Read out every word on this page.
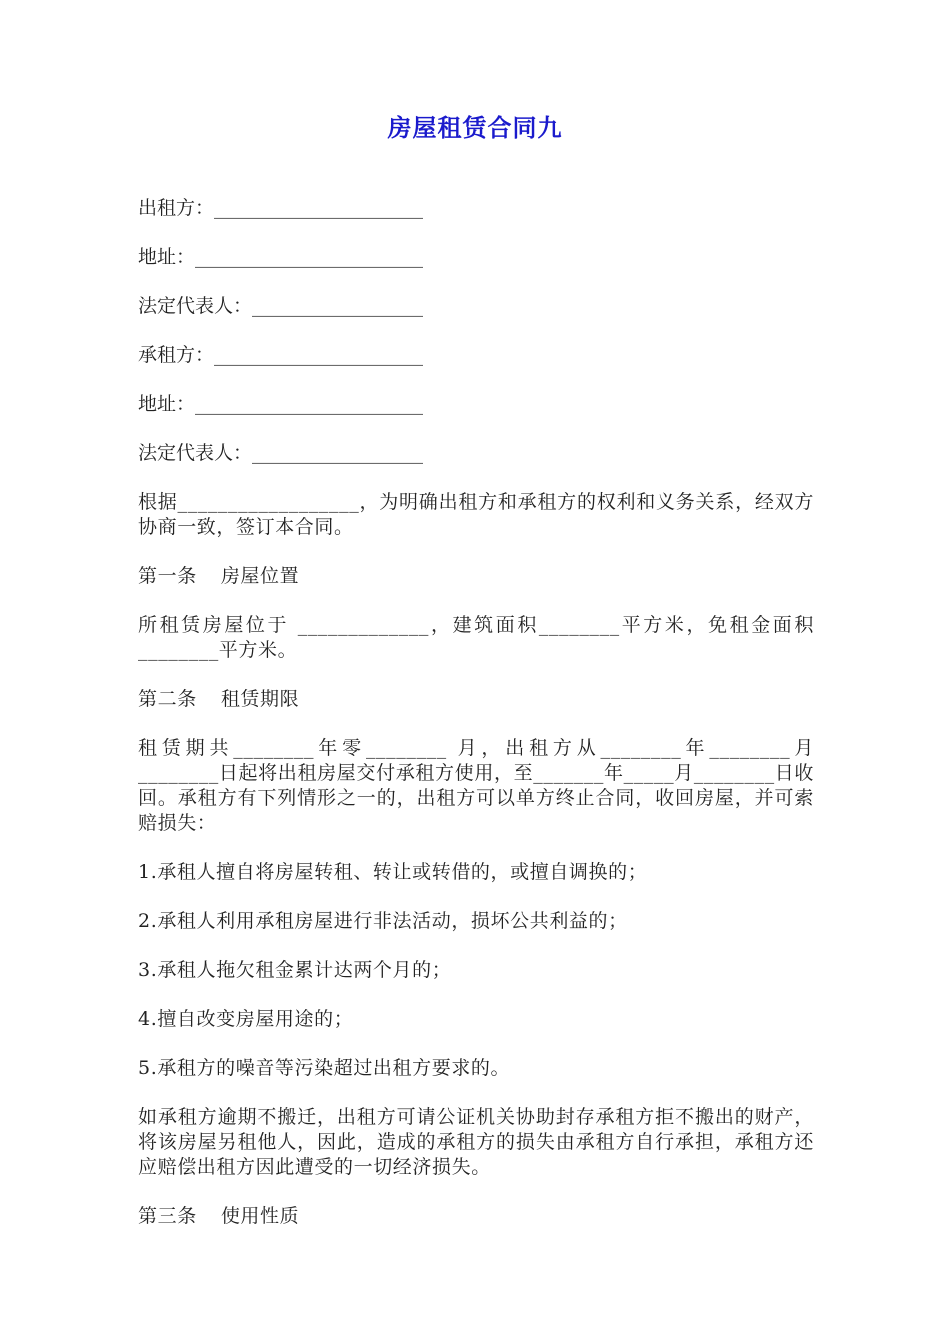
房屋租赁合同九
出租方：______________________
地址：________________________
法定代表人：__________________
承租方：______________________
地址：________________________
法定代表人：__________________

根据__________________，为明确出租方和承租方的权利和义务关系，经双方协商一致，签订本合同。

第一条 房屋位置

所租赁房屋位于 _____________，建筑面积________平方米，免租金面积________平方米。

第二条 租赁期限

租赁期共________年零________ 月，出租方从________年________月________日起将出租房屋交付承租方使用，至_______年_____月________日收 回。承租方有下列情形之一的，出租方可以单方终止合同，收回房屋，并可索赔损失：

1.承租人擅自将房屋转租、转让或转借的，或擅自调换的；

2.承租人利用承租房屋进行非法活动，损坏公共利益的；

3.承租人拖欠租金累计达两个月的；

4.擅自改变房屋用途的；

5.承租方的噪音等污染超过出租方要求的。

如承租方逾期不搬迁，出租方可请公证机关协助封存承租方拒不搬出的财产，将该房屋另租他人，因此，造成的承租方的损失由承租方自行承担，承租方还应赔偿出租方因此遭受的一切经济损失。

第三条 使用性质
